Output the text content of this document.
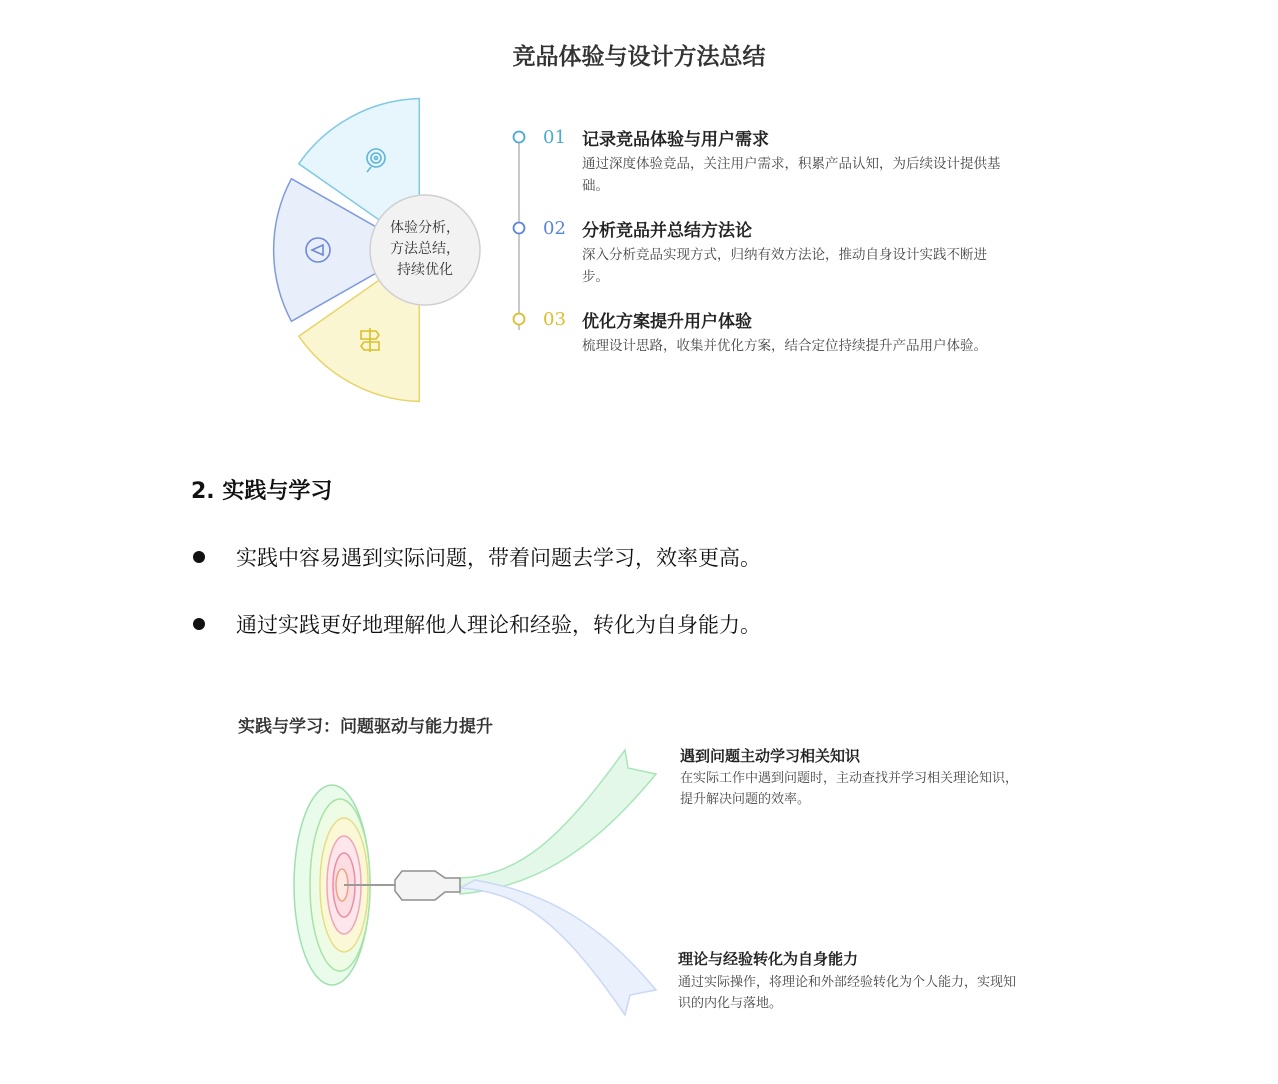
竞品体验与设计方法总结
体验分析，
方法总结，
持续优化
01 记录竞品体验与用户需求
通过深度体验竞品，关注用户需求，积累产品认知，为后续设计提供基础。
02 分析竞品并总结方法论
深入分析竞品实现方式，归纳有效方法论，推动自身设计实践不断进步。
03 优化方案提升用户体验
梳理设计思路，收集并优化方案，结合定位持续提升产品用户体验。
2. 实践与学习
实践中容易遇到实际问题，带着问题去学习，效率更高。
通过实践更好地理解他人理论和经验，转化为自身能力。
实践与学习：问题驱动与能力提升
遇到问题主动学习相关知识
在实际工作中遇到问题时，主动查找并学习相关理论知识，提升解决问题的效率。
理论与经验转化为自身能力
通过实际操作，将理论和外部经验转化为个人能力，实现知识的内化与落地。
